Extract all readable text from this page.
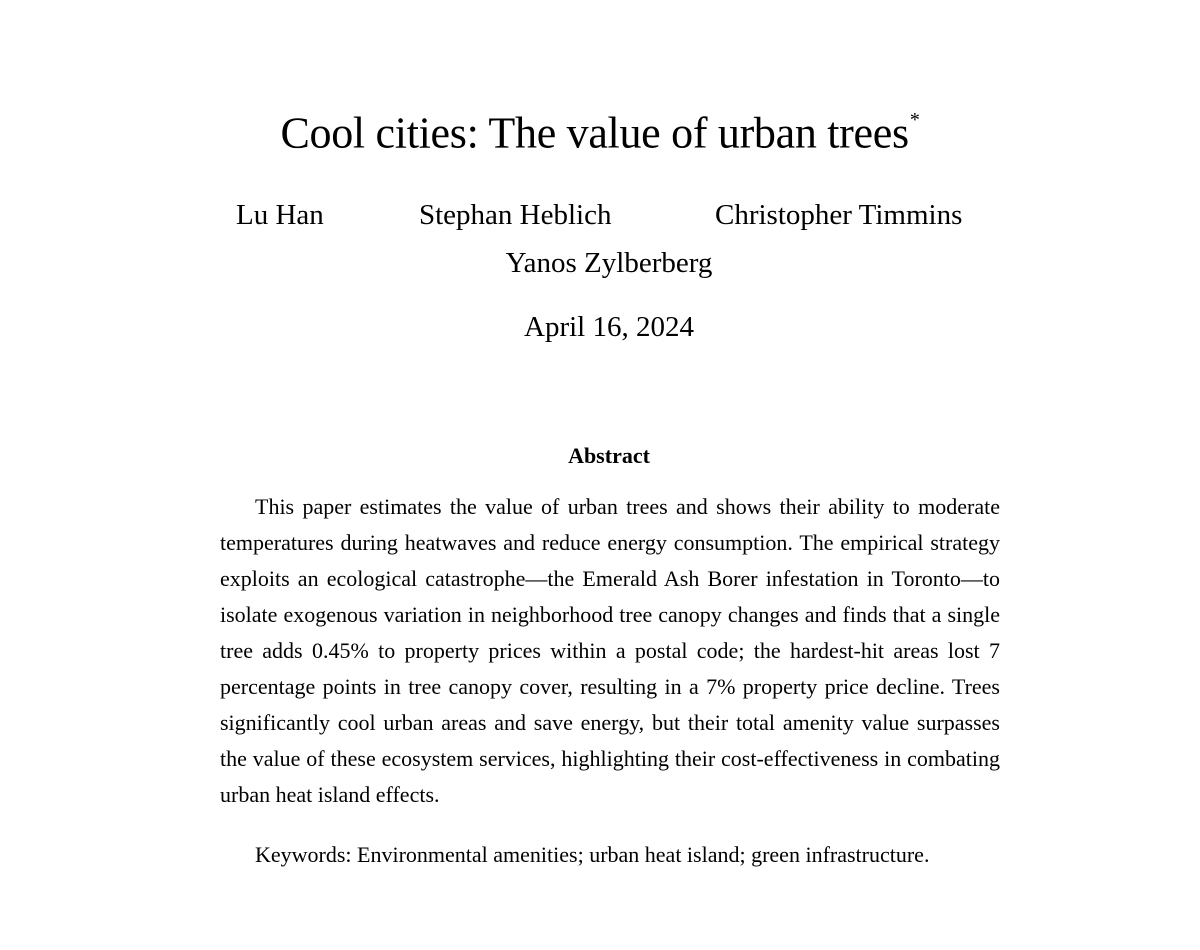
Cool cities: The value of urban trees*
Lu Han	Stephan Heblich	Christopher Timmins
Yanos Zylberberg
April 16, 2024
Abstract
This paper estimates the value of urban trees and shows their ability to moderate temperatures during heatwaves and reduce energy consumption. The empirical strategy exploits an ecological catastrophe—the Emerald Ash Borer infestation in Toronto—to isolate exogenous variation in neighborhood tree canopy changes and finds that a single tree adds 0.45% to property prices within a postal code; the hardest-hit areas lost 7 percentage points in tree canopy cover, resulting in a 7% property price decline. Trees significantly cool urban areas and save energy, but their total amenity value surpasses the value of these ecosystem services, highlighting their cost-effectiveness in combating urban heat island effects.
Keywords: Environmental amenities; urban heat island; green infrastructure.
